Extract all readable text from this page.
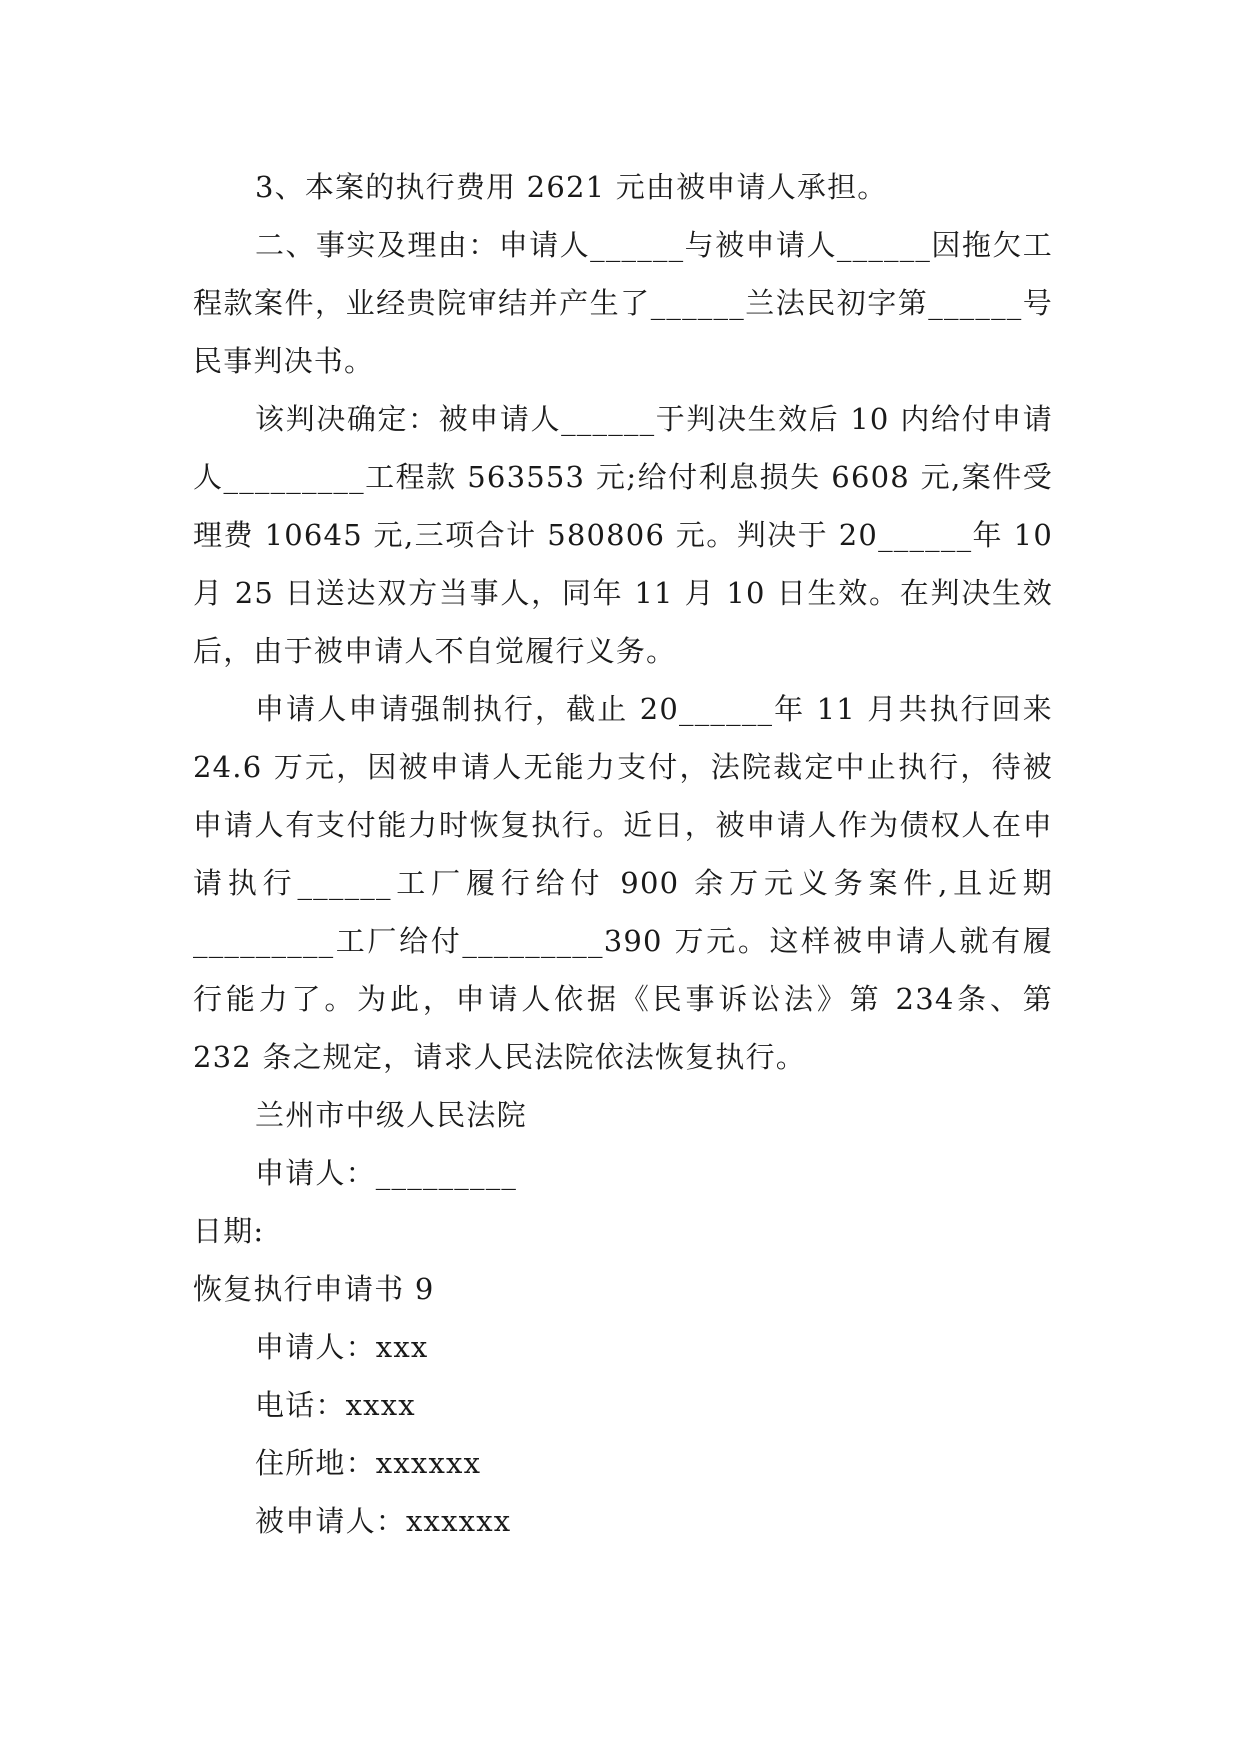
3、本案的执行费用 2621 元由被申请人承担。

二、事实及理由：申请人______与被申请人______因拖欠工程款案件，业经贵院审结并产生了______兰法民初字第______号民事判决书。

该判决确定：被申请人______于判决生效后 10 内给付申请人_________工程款 563553 元;给付利息损失 6608 元,案件受理费 10645 元,三项合计 580806 元。判决于 20______年 10 月 25 日送达双方当事人，同年 11 月 10 日生效。在判决生效后，由于被申请人不自觉履行义务。

申请人申请强制执行，截止 20______年 11 月共执行回来 24.6 万元，因被申请人无能力支付，法院裁定中止执行，待被申请人有支付能力时恢复执行。近日，被申请人作为债权人在申请执行______工厂履行给付 900 余万元义务案件,且近期_________工厂给付_________390 万元。这样被申请人就有履行能力了。为此，申请人依据《民事诉讼法》第 234条、第 232 条之规定，请求人民法院依法恢复执行。

兰州市中级人民法院

申请人：_________

日期:

恢复执行申请书 9

申请人：xxx

电话：xxxx

住所地：xxxxxx

被申请人：xxxxxx
